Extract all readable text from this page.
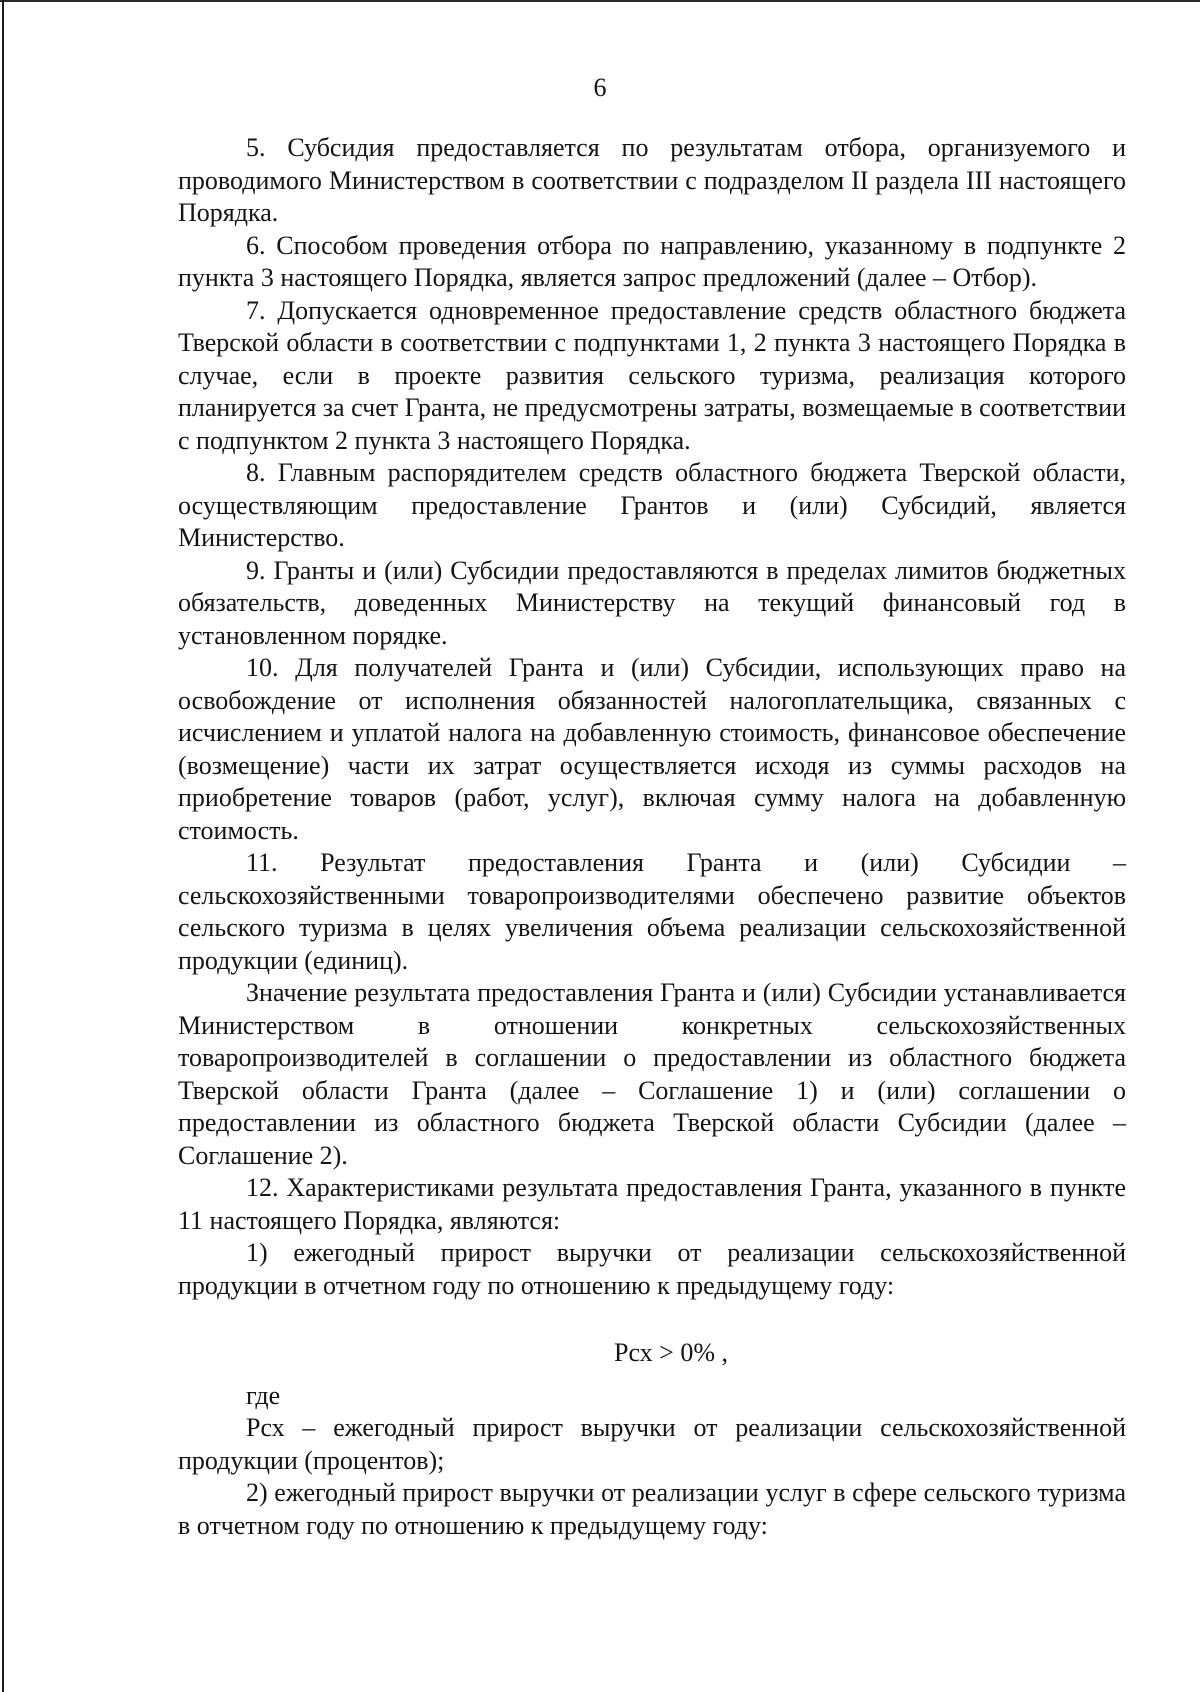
6

5. Субсидия предоставляется по результатам отбора, организуемого и проводимого Министерством в соответствии с подразделом II раздела III настоящего Порядка.

6. Способом проведения отбора по направлению, указанному в подпункте 2 пункта 3 настоящего Порядка, является запрос предложений (далее – Отбор).

7. Допускается одновременное предоставление средств областного бюджета Тверской области в соответствии с подпунктами 1, 2 пункта 3 настоящего Порядка в случае, если в проекте развития сельского туризма, реализация которого планируется за счет Гранта, не предусмотрены затраты, возмещаемые в соответствии с подпунктом 2 пункта 3 настоящего Порядка.

8. Главным распорядителем средств областного бюджета Тверской области, осуществляющим предоставление Грантов и (или) Субсидий, является Министерство.

9. Гранты и (или) Субсидии предоставляются в пределах лимитов бюджетных обязательств, доведенных Министерству на текущий финансовый год в установленном порядке.

10. Для получателей Гранта и (или) Субсидии, использующих право на освобождение от исполнения обязанностей налогоплательщика, связанных с исчислением и уплатой налога на добавленную стоимость, финансовое обеспечение (возмещение) части их затрат осуществляется исходя из суммы расходов на приобретение товаров (работ, услуг), включая сумму налога на добавленную стоимость.

11. Результат предоставления Гранта и (или) Субсидии – сельскохозяйственными товаропроизводителями обеспечено развитие объектов сельского туризма в целях увеличения объема реализации сельскохозяйственной продукции (единиц).

Значение результата предоставления Гранта и (или) Субсидии устанавливается Министерством в отношении конкретных сельскохозяйственных товаропроизводителей в соглашении о предоставлении из областного бюджета Тверской области Гранта (далее – Соглашение 1) и (или) соглашении о предоставлении из областного бюджета Тверской области Субсидии (далее – Соглашение 2).

12. Характеристиками результата предоставления Гранта, указанного в пункте 11 настоящего Порядка, являются:

1) ежегодный прирост выручки от реализации сельскохозяйственной продукции в отчетном году по отношению к предыдущему году:

Рсх > 0% ,

где

Рсх – ежегодный прирост выручки от реализации сельскохозяйственной продукции (процентов);

2) ежегодный прирост выручки от реализации услуг в сфере сельского туризма в отчетном году по отношению к предыдущему году:
